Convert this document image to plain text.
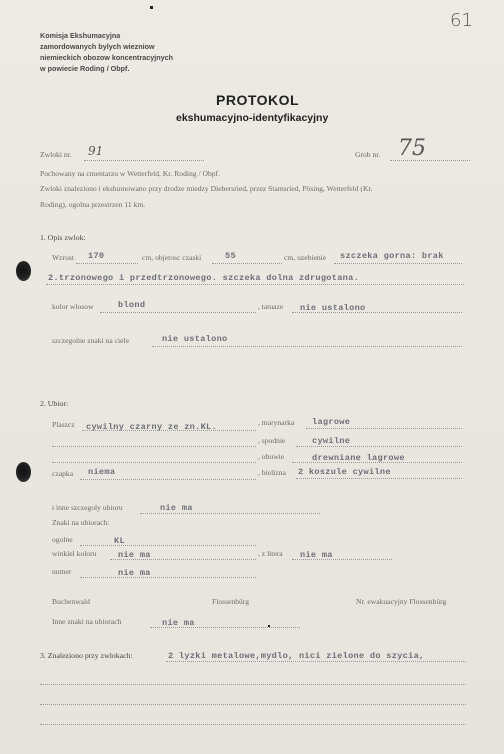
61
Komisja Ekshumacyjna
zamordowanych bylych wiezniow
niemieckich obozow koncentracyjnych
w powiecie Roding / Obpf.
PROTOKOL
ekshumacyjno-identyfikacyjny
Zwloki nr. 91	Grob nr. 75
Pochowany na cmentarzu w Wetterfeld, Kr. Roding / Obpf.
Zwloki znaleziono i ekshumowano przy drodze miedzy Diebersried, przez Stamsried, Pösing, Wetterfeld (Kr.
Roding), ogolna przestrzen 11 km.
1. Opis zwlok:
Wzrost 170	cm, objetosc czaski	55	cm, uzebienie szczeka gorna: brak
2.trzonowego i przedtrzonowego. szczeka dolna zdrugotana.
kolor wlosow	blond	, tatuaze nie ustalono
szczegolne znaki na ciele	nie ustalono
2. Ubior:
Plaszcz cywilny czarny ze zn.KL.	, marynarka lagrowe
, spodnie	cywilne
, obuwie	drewniane lagrowe
czapka niema	, bielizna 2 koszule cywilne
i inne szczegoly ubioru	nie ma
Znaki na ubiorach:
ogolne	KL
winkiel koloru nie ma	, z litera nie ma
numer	nie ma
Buchenwald	Flossenbürg	Nr. ewakuacyjny Flossenbürg
Inne znaki na ubiorach	nie ma
3. Znaleziono przy zwlokach:	2 lyzki metalowe,mydlo, nici zielone do szycia,
